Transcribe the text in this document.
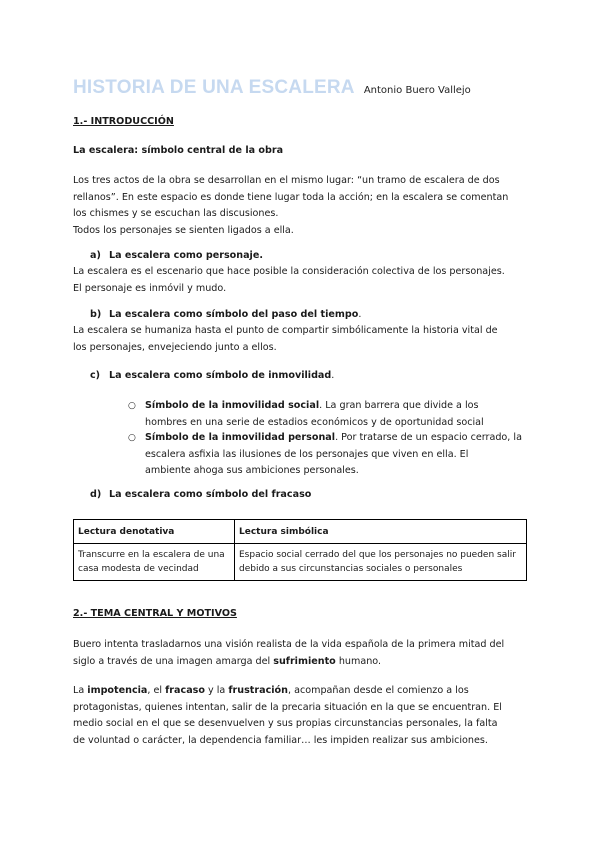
HISTORIA DE UNA ESCALERA Antonio Buero Vallejo
1.- INTRODUCCIÓN
La escalera: símbolo central de la obra

Los tres actos de la obra se desarrollan en el mismo lugar: “un tramo de escalera de dos
rellanos”. En este espacio es donde tiene lugar toda la acción; en la escalera se comentan
los chismes y se escuchan las discusiones.
Todos los personajes se sienten ligados a ella.

a) La escalera como personaje.

La escalera es el escenario que hace posible la consideración colectiva de los personajes.
El personaje es inmóvil y mudo.

b) La escalera como símbolo del paso del tiempo.

La escalera se humaniza hasta el punto de compartir simbólicamente la historia vital de
los personajes, envejeciendo junto a ellos.

c) La escalera como símbolo de inmovilidad.
○ Símbolo de la inmovilidad social. La gran barrera que divide a los
hombres en una serie de estadios económicos y de oportunidad social

○ Símbolo de la inmovilidad personal. Por tratarse de un espacio cerrado, la
escalera asfixia las ilusiones de los personajes que viven en ella. El
ambiente ahoga sus ambiciones personales.

d) La escalera como símbolo del fracaso
Lectura denotativa	Lectura simbólica
Transcurre en la escalera de una
casa modesta de vecindad	Espacio social cerrado del que los personajes no pueden salir
debido a sus circunstancias sociales o personales
2.- TEMA CENTRAL Y MOTIVOS

Buero intenta trasladarnos una visión realista de la vida española de la primera mitad del
siglo a través de una imagen amarga del sufrimiento humano.

La impotencia, el fracaso y la frustración, acompañan desde el comienzo a los
protagonistas, quienes intentan, salir de la precaria situación en la que se encuentran. El
medio social en el que se desenvuelven y sus propias circunstancias personales, la falta
de voluntad o carácter, la dependencia familiar… les impiden realizar sus ambiciones.
